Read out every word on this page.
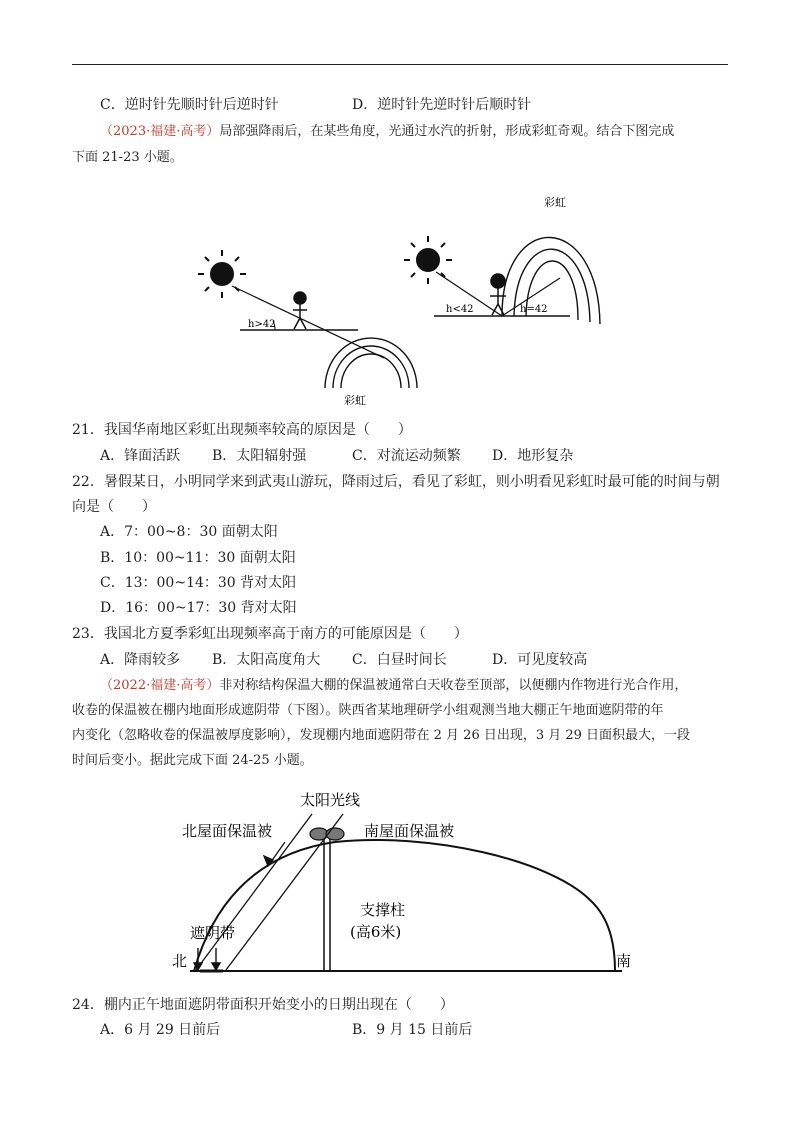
C．逆时针先顺时针后逆时针	D．逆时针先逆时针后顺时针
（2023·福建·高考）局部强降雨后，在某些角度，光通过水汽的折射，形成彩虹奇观。结合下图完成
下面 21-23 小题。
h>42
彩虹
h<42	h=42
彩虹
21．我国华南地区彩虹出现频率较高的原因是（　　）
A．锋面活跃 B．太阳辐射强	C．对流运动频繁 D．地形复杂
22．暑假某日，小明同学来到武夷山游玩，降雨过后，看见了彩虹，则小明看见彩虹时最可能的时间与朝
向是（　　）
A．7：00~8：30 面朝太阳
B．10：00~11：30 面朝太阳
C．13：00~14：30 背对太阳
D．16：00~17：30 背对太阳
23．我国北方夏季彩虹出现频率高于南方的可能原因是（　　）
A．降雨较多 B．太阳高度角大 C．白昼时间长	D．可见度较高
（2022·福建·高考）非对称结构保温大棚的保温被通常白天收卷至顶部，以便棚内作物进行光合作用，
收卷的保温被在棚内地面形成遮阴带（下图）。陕西省某地理研学小组观测当地大棚正午地面遮阴带的年
内变化（忽略收卷的保温被厚度影响），发现棚内地面遮阴带在 2 月 26 日出现，3 月 29 日面积最大，一段
时间后变小。据此完成下面 24-25 小题。
太阳光线
北屋面保温被	南屋面保温被
遮阴带
支撑柱
(高6米)
北	南
24．棚内正午地面遮阴带面积开始变小的日期出现在（　　）
A．6 月 29 日前后	B．9 月 15 日前后
